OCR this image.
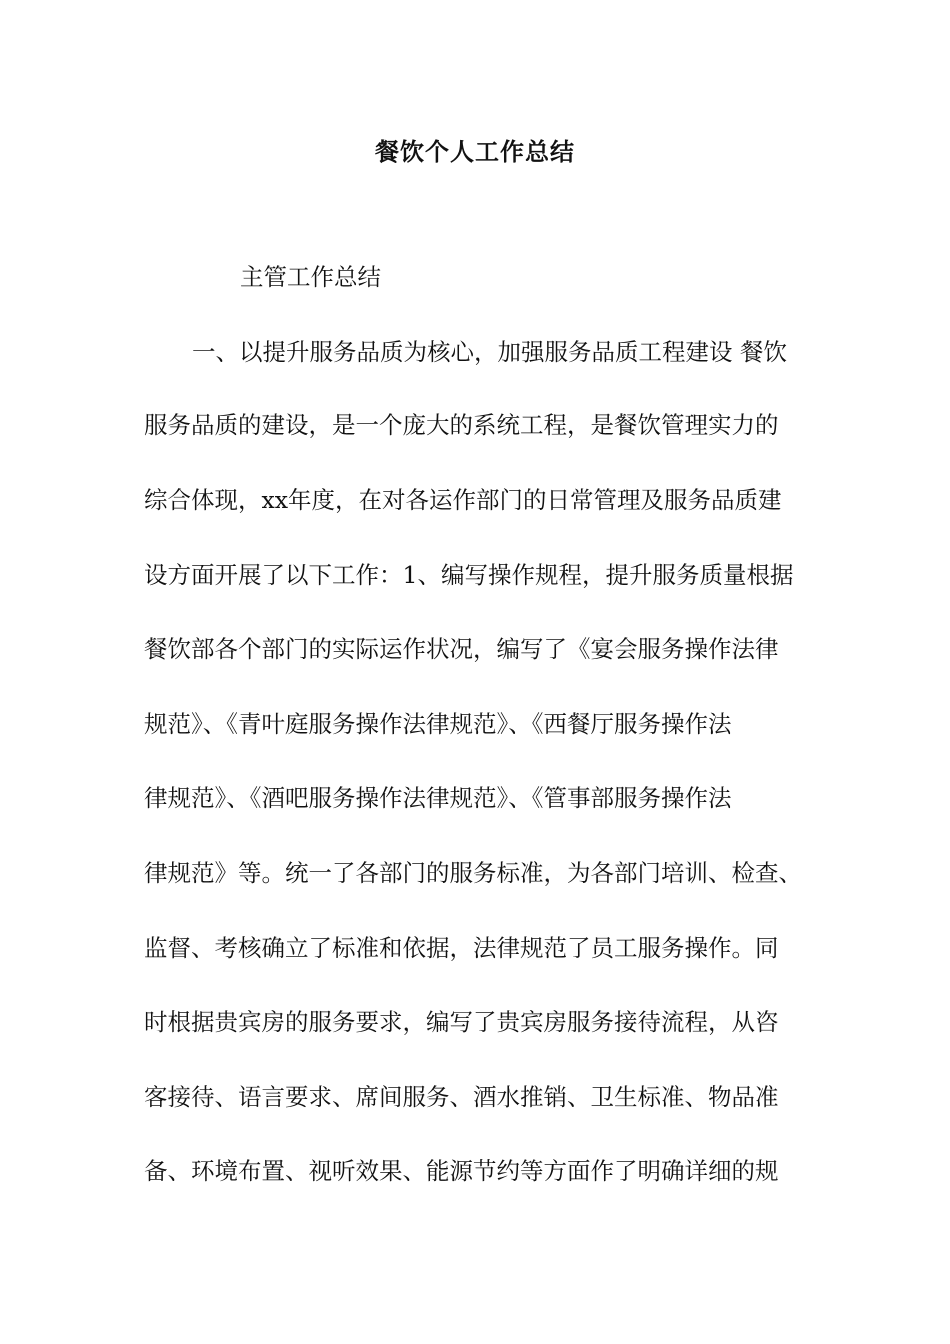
餐饮个人工作总结

主管工作总结

一、以提升服务品质为核心，加强服务品质工程建设 餐饮

服务品质的建设，是一个庞大的系统工程，是餐饮管理实力的

综合体现，xx年度，在对各运作部门的日常管理及服务品质建

设方面开展了以下工作：1、编写操作规程，提升服务质量根据

餐饮部各个部门的实际运作状况，编写了《宴会服务操作法律

规范》、《青叶庭服务操作法律规范》、《西餐厅服务操作法

律规范》、《酒吧服务操作法律规范》、《管事部服务操作法

律规范》等。统一了各部门的服务标准，为各部门培训、检查、

监督、考核确立了标准和依据，法律规范了员工服务操作。同

时根据贵宾房的服务要求，编写了贵宾房服务接待流程，从咨

客接待、语言要求、席间服务、酒水推销、卫生标准、物品准

备、环境布置、视听效果、能源节约等方面作了明确详细的规
